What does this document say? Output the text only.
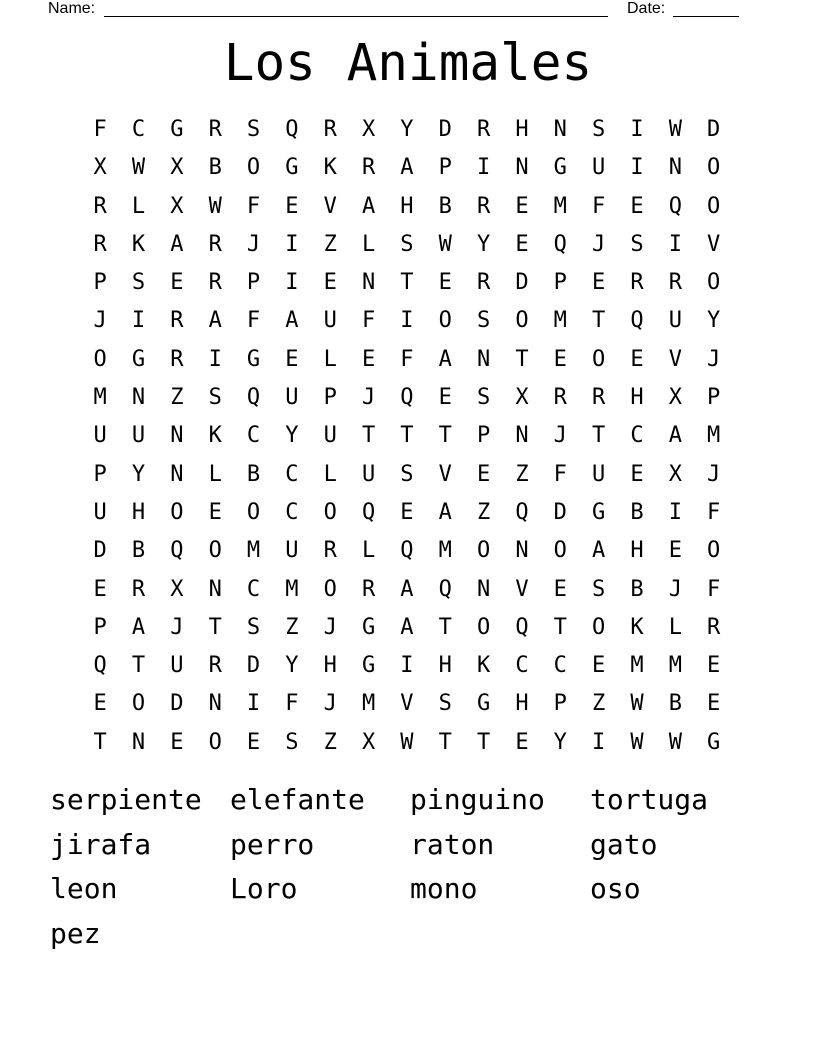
Name:	Date:
Los Animales
F	C	G	R	S	Q	R	X	Y	D	R	H	N	S	I	W	D
X	W	X	B	O	G	K	R	A	P	I	N	G	U	I	N	O
R	L	X	W	F	E	V	A	H	B	R	E	M	F	E	Q	O
R	K	A	R	J	I	Z	L	S	W	Y	E	Q	J	S	I	V
P	S	E	R	P	I	E	N	T	E	R	D	P	E	R	R	O
J	I	R	A	F	A	U	F	I	O	S	O	M	T	Q	U	Y
O	G	R	I	G	E	L	E	F	A	N	T	E	O	E	V	J
M	N	Z	S	Q	U	P	J	Q	E	S	X	R	R	H	X	P
U	U	N	K	C	Y	U	T	T	T	P	N	J	T	C	A	M
P	Y	N	L	B	C	L	U	S	V	E	Z	F	U	E	X	J
U	H	O	E	O	C	O	Q	E	A	Z	Q	D	G	B	I	F
D	B	Q	O	M	U	R	L	Q	M	O	N	O	A	H	E	O
E	R	X	N	C	M	O	R	A	Q	N	V	E	S	B	J	F
P	A	J	T	S	Z	J	G	A	T	O	Q	T	O	K	L	R
Q	T	U	R	D	Y	H	G	I	H	K	C	C	E	M	M	E
E	O	D	N	I	F	J	M	V	S	G	H	P	Z	W	B	E
T	N	E	O	E	S	Z	X	W	T	T	E	Y	I	W	W	G
serpiente	elefante	pinguino	tortuga
jirafa	perro	raton	gato
leon	Loro	mono	oso
pez
